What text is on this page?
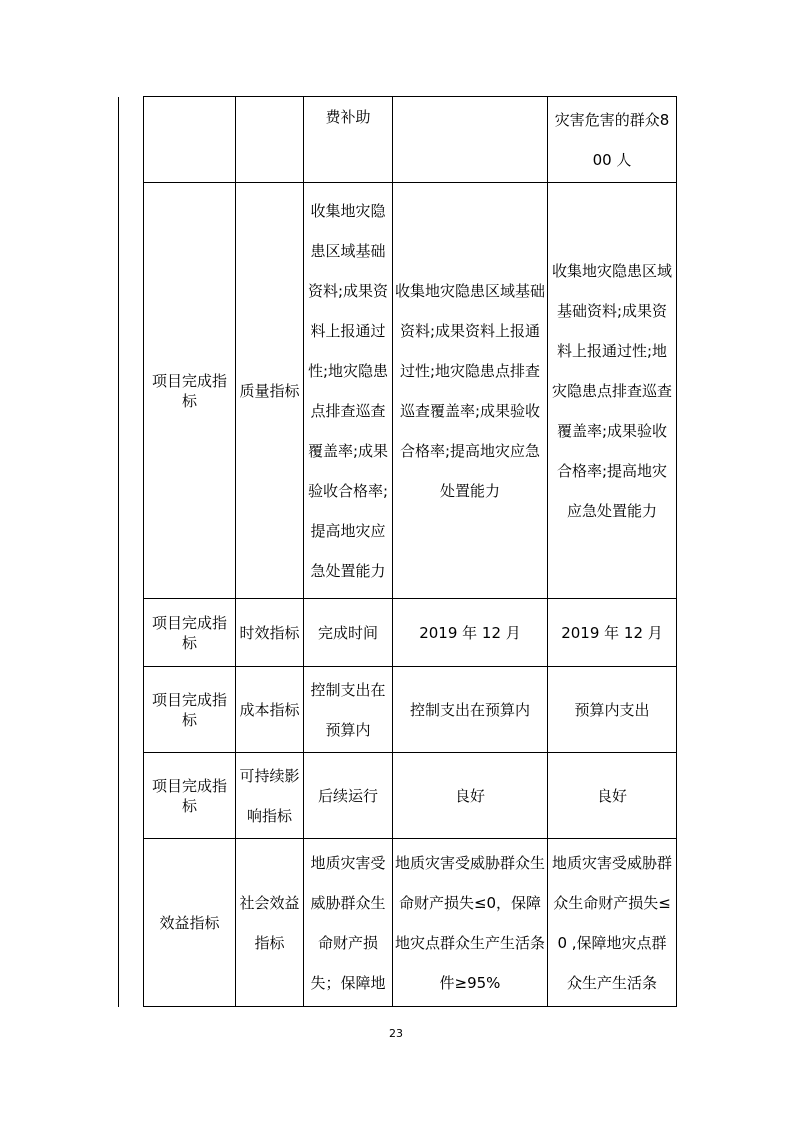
		费补助		灾害危害的群众800 人
项目完成指标	质量指标	收集地灾隐患区域基础资料;成果资料上报通过性;地灾隐患点排查巡查覆盖率;成果验收合格率;提高地灾应急处置能力	收集地灾隐患区域基础资料;成果资料上报通过性;地灾隐患点排查巡查覆盖率;成果验收合格率;提高地灾应急处置能力	收集地灾隐患区域基础资料;成果资料上报通过性;地灾隐患点排查巡查覆盖率;成果验收合格率;提高地灾应急处置能力
项目完成指标	时效指标	完成时间	2019 年 12 月	2019 年 12 月
项目完成指标	成本指标	控制支出在预算内	控制支出在预算内	预算内支出
项目完成指标	可持续影响指标	后续运行	良好	良好
效益指标	社会效益指标	地质灾害受威胁群众生命财产损失；保障地	地质灾害受威胁群众生命财产损失≤0，保障地灾点群众生产生活条件≥95%	地质灾害受威胁群众生命财产损失≤0 ,保障地灾点群众生产生活条
23
